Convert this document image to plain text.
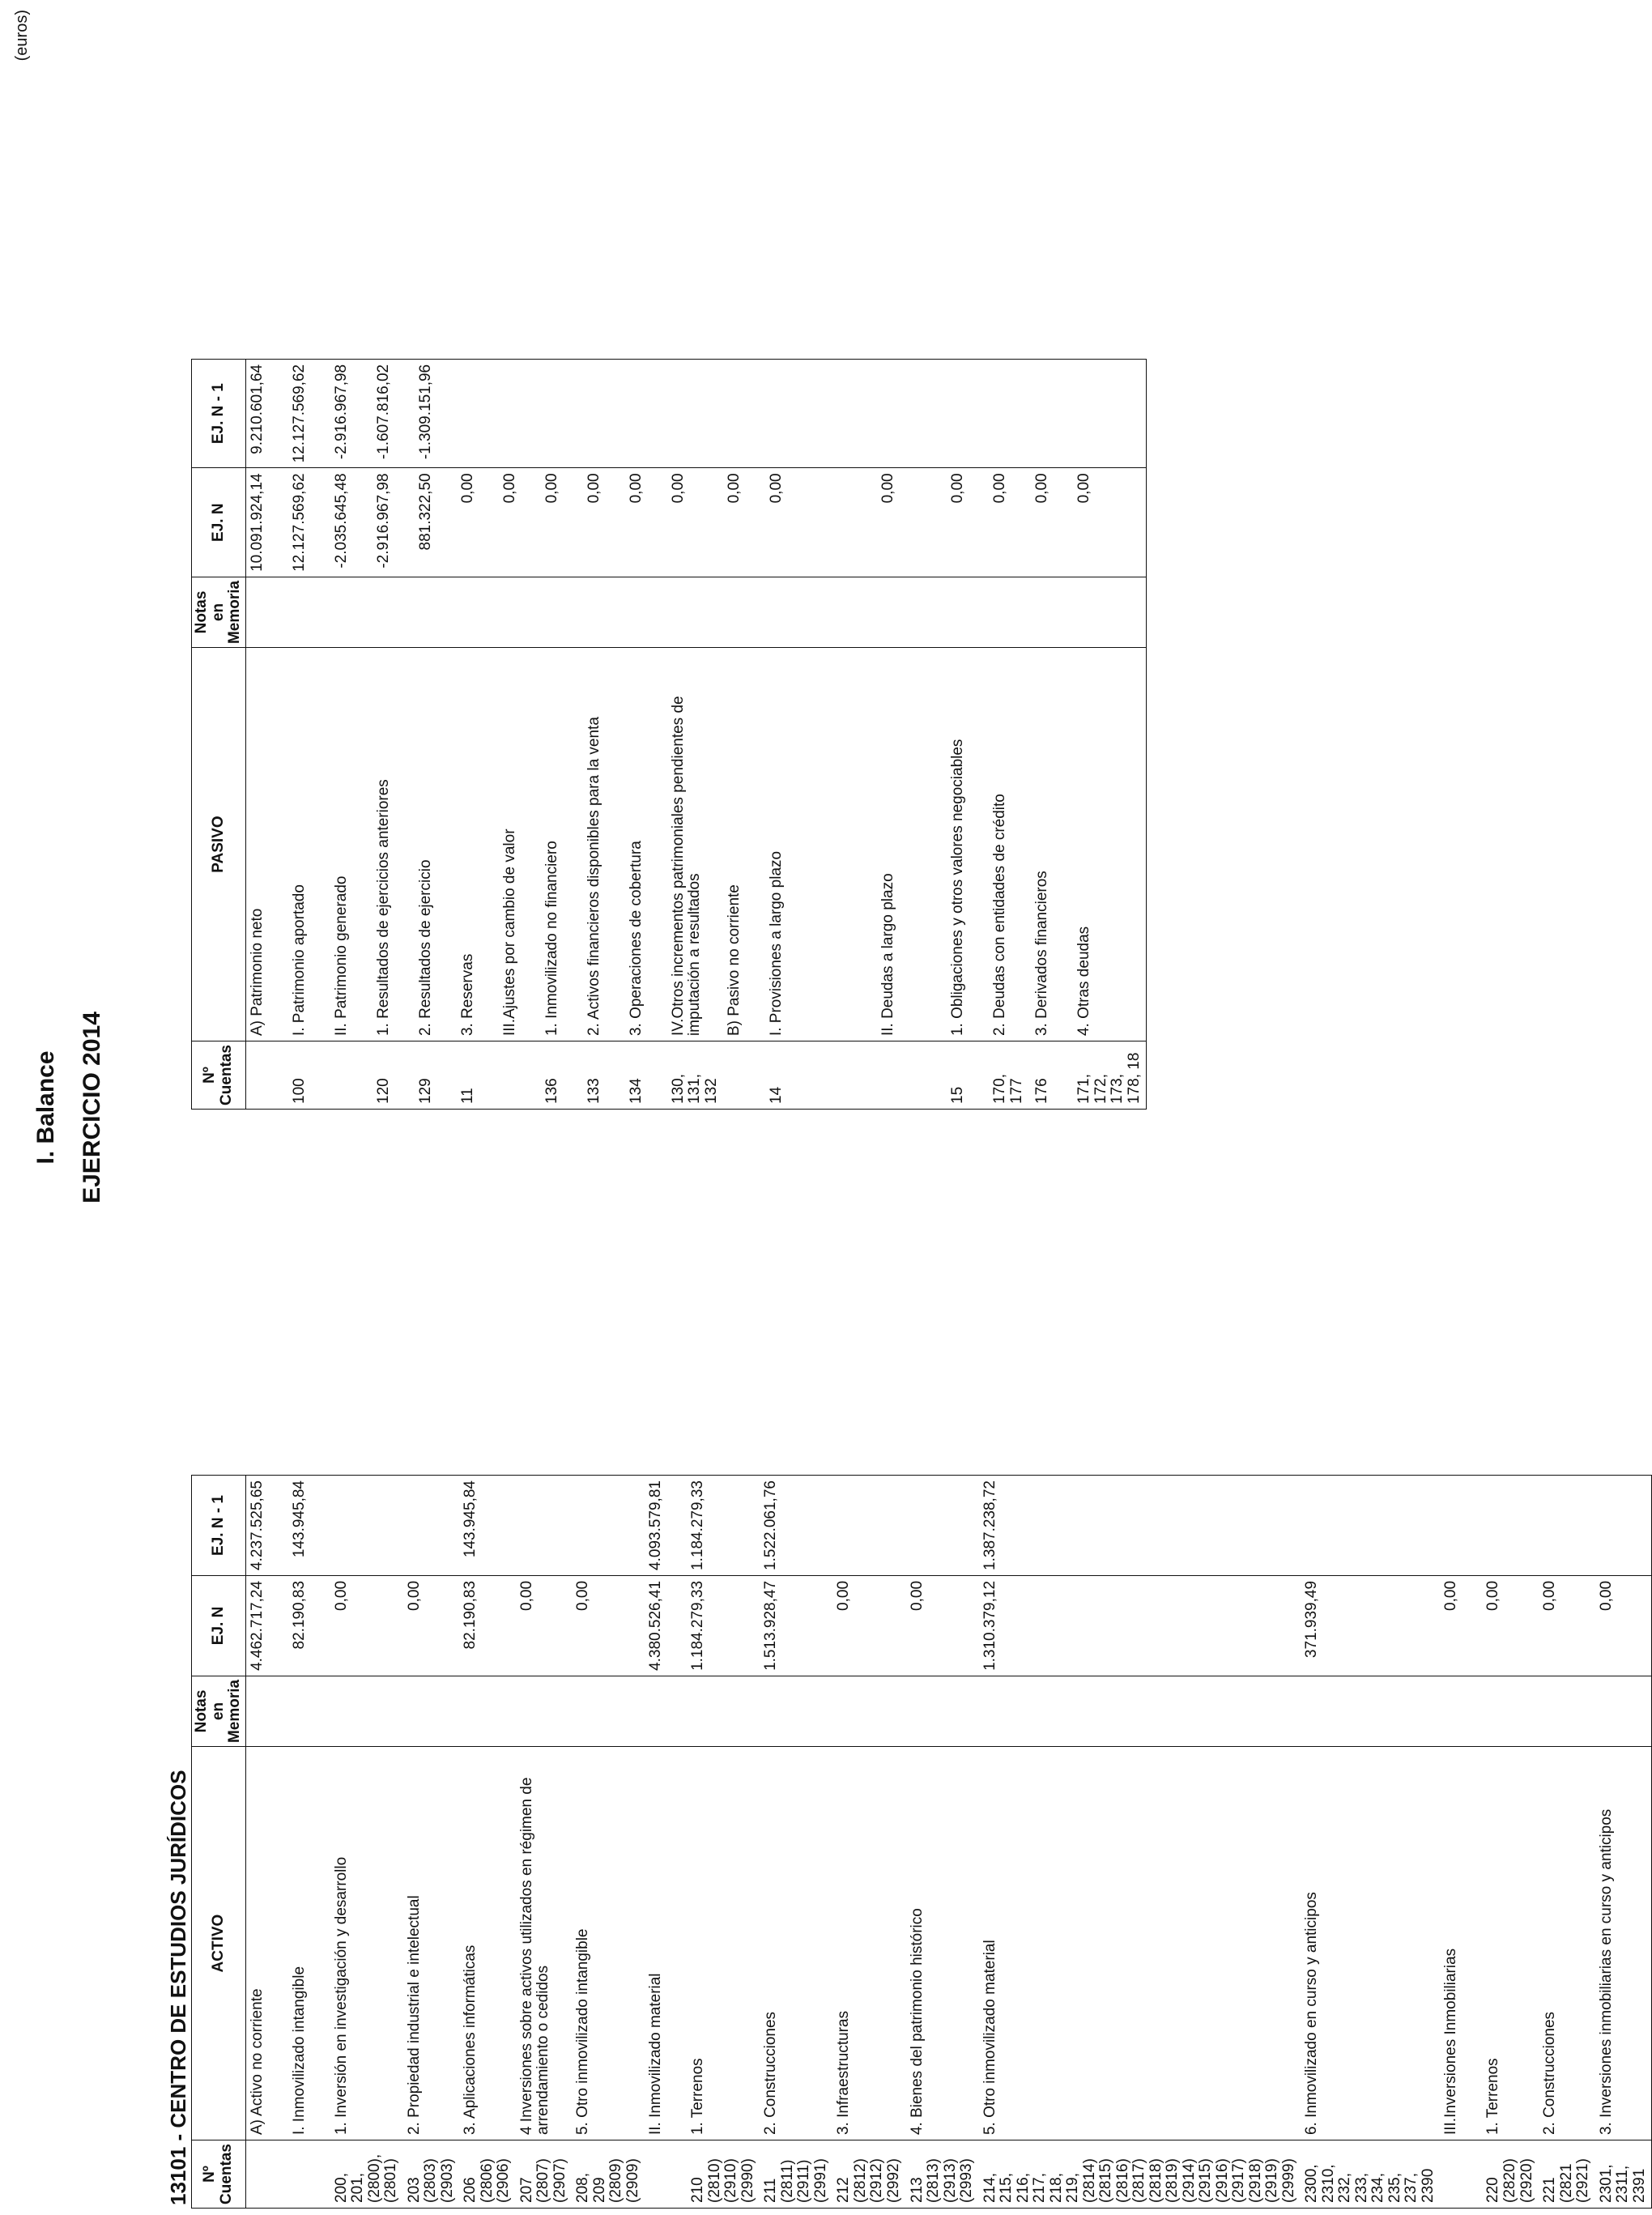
I. Balance EJERCICIO 2014
13101 - CENTRO DE ESTUDIOS JURÍDICOS
(euros)
Nº Cuentas	ACTIVO	Notas en Memoria	EJ. N	EJ. N - 1
	A) Activo no corriente		4.462.717,24	4.237.525,65
	I. Inmovilizado intangible		82.190,83	143.945,84
200, 201, (2800), (2801)	1. Inversión en investigación y desarrollo		0,00	
203 (2803) (2903)	2. Propiedad industrial e intelectual		0,00	
206 (2806) (2906)	3. Aplicaciones informáticas		82.190,83	143.945,84
207 (2807) (2907)	4 Inversiones sobre activos utilizados en régimen de arrendamiento o cedidos		0,00	
208, 209 (2809) (2909)	5. Otro inmovilizado intangible		0,00	
	II. Inmovilizado material		4.380.526,41	4.093.579,81
210 (2810) (2910) (2990)	1. Terrenos		1.184.279,33	1.184.279,33
211 (2811) (2911) (2991)	2. Construcciones		1.513.928,47	1.522.061,76
212 (2812) (2912) (2992)	3. Infraestructuras		0,00	
213 (2813) (2913) (2993)	4. Bienes del patrimonio histórico		0,00	
214, 215, 216, 217, 218, 219, (2814) (2815) (2816) (2817) (2818) (2819) (2914) (2915) (2916) (2917) (2918) (2919) (2999)	5. Otro inmovilizado material		1.310.379,12	1.387.238,72
2300, 2310, 232, 233, 234, 235, 237, 2390	6. Inmovilizado en curso y anticipos		371.939,49	
	III.Inversiones Inmobiliarias		0,00	
220 (2820) (2920)	1. Terrenos		0,00	
221 (2821 (2921)	2. Construcciones		0,00	
2301, 2311, 2391	3. Inversiones inmobiliarias en curso y anticipos		0,00	
Nº Cuentas	PASIVO	Notas en Memoria	EJ. N	EJ. N - 1
	A) Patrimonio neto		10.091.924,14	9.210.601,64
100	I. Patrimonio aportado		12.127.569,62	12.127.569,62
	II. Patrimonio generado		-2.035.645,48	-2.916.967,98
120	1. Resultados de ejercicios anteriores		-2.916.967,98	-1.607.816,02
129	2. Resultados de ejercicio		881.322,50	-1.309.151,96
11	3. Reservas		0,00	
	III.Ajustes por cambio de valor		0,00	
136	1. Inmovilizado no financiero		0,00	
133	2. Activos financieros disponibles para la venta		0,00	
134	3. Operaciones de cobertura		0,00	
130, 131, 132	IV.Otros incrementos patrimoniales pendientes de imputación a resultados		0,00	
	B) Pasivo no corriente		0,00	
14	I. Provisiones a largo plazo		0,00	
	II. Deudas a largo plazo		0,00	
15	1. Obligaciones y otros valores negociables		0,00	
170, 177	2. Deudas con entidades de crédito		0,00	
176	3. Derivados financieros		0,00	
171, 172, 173, 178, 18	4. Otras deudas		0,00	
